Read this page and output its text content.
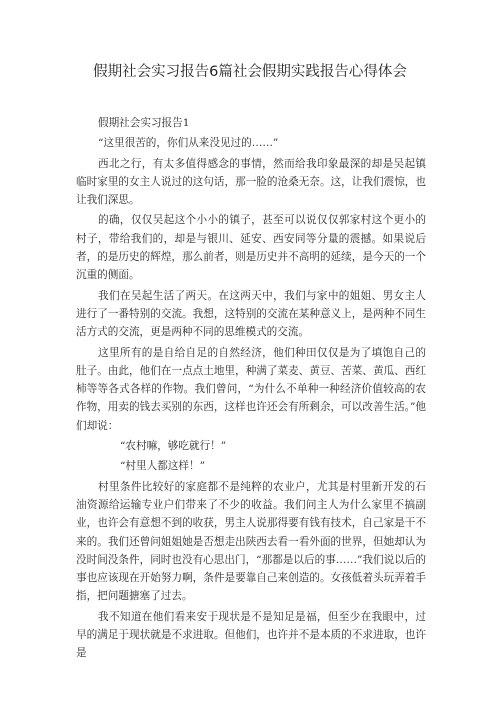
假期社会实习报告6篇社会假期实践报告心得体会

假期社会实习报告1

“这里很苦的，你们从来没见过的……”

西北之行，有太多值得感念的事情，然而给我印象最深的却是吴起镇临时家里的女主人说过的这句话，那一脸的沧桑无奈。这，让我们震惊，也让我们深思。

的确，仅仅吴起这个小小的镇子，甚至可以说仅仅郭家村这个更小的村子，带给我们的，却是与银川、延安、西安同等分量的震撼。如果说后者，的是历史的辉煌，那么前者，则是历史并不高明的延续，是今天的一个沉重的侧面。

我们在吴起生活了两天。在这两天中，我们与家中的姐姐、男女主人进行了一番特别的交流。我想，这特别的交流在某种意义上，是两种不同生活方式的交流，更是两种不同的思维模式的交流。

这里所有的是自给自足的自然经济，他们种田仅仅是为了填饱自己的肚子。由此，他们在一点点土地里，种满了菜麦、黄豆、苦菜、黄瓜、西红柿等等各式各样的作物。我们曾问，“为什么不单种一种经济价值较高的农作物，用卖的钱去买别的东西，这样也许还会有所剩余，可以改善生活。”他们却说：

“农村嘛，够吃就行！”

“村里人都这样！”

村里条件比较好的家庭都不是纯粹的农业户，尤其是村里新开发的石油资源给运输专业户们带来了不少的收益。我们问主人为什么家里不搞副业，也许会有意想不到的收获，男主人说那得要有钱有技术，自己家是干不来的。我们还曾问姐姐她是否想走出陕西去看一看外面的世界，但她却认为没时间没条件，同时也没有心思出门，“那都是以后的事……”我们说以后的事也应该现在开始努力啊，条件是要靠自己来创造的。女孩低着头玩弄着手指，把问题搪塞了过去。

我不知道在他们看来安于现状是不是知足是福，但至少在我眼中，过早的满足于现状就是不求进取。但他们，也许并不是本质的不求进取，也许是
